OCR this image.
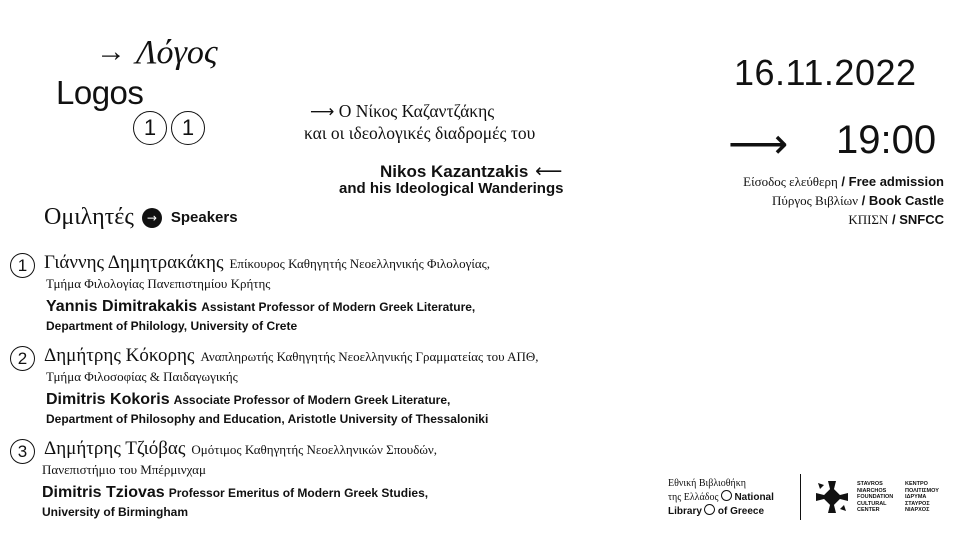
→ Λόγος
Logos
1	1
⟶ Ο Νίκος Καζαντζάκης
και οι ιδεολογικές διαδρομές του
Nikos Kazantzakis ⟵
and his Ideological Wanderings
16.11.2022
⟶ 19:00
Είσοδος ελεύθερη / Free admission
Πύργος Βιβλίων / Book Castle
ΚΠΙΣΝ / SNFCC
Ομιλητές → Speakers
1 Γιάννης Δημητρακάκης Επίκουρος Καθηγητής Νεοελληνικής Φιλολογίας,
Τμήμα Φιλολογίας Πανεπιστημίου Κρήτης
Yannis Dimitrakakis Assistant Professor of Modern Greek Literature,
Department of Philology, University of Crete
2 Δημήτρης Κόκορης Αναπληρωτής Καθηγητής Νεοελληνικής Γραμματείας του ΑΠΘ,
Τμήμα Φιλοσοφίας & Παιδαγωγικής
Dimitris Kokoris Associate Professor of Modern Greek Literature,
Department of Philosophy and Education, Aristotle University of Thessaloniki
3 Δημήτρης Τζιόβας Ομότιμος Καθηγητής Νεοελληνικών Σπουδών,
Πανεπιστήμιο του Μπέρμινχαμ
Dimitris Tziovas Professor Emeritus of Modern Greek Studies,
University of Birmingham
Εθνική Βιβλιοθήκη
της Ελλάδος National
Library of Greece
STAVROS
NIARCHOS
FOUNDATION
CULTURAL
CENTER
ΚΕΝΤΡΟ
ΠΟΛΙΤΙΣΜΟΥ
ΙΔΡΥΜΑ
ΣΤΑΥΡΟΣ
ΝΙΑΡΧΟΣ
